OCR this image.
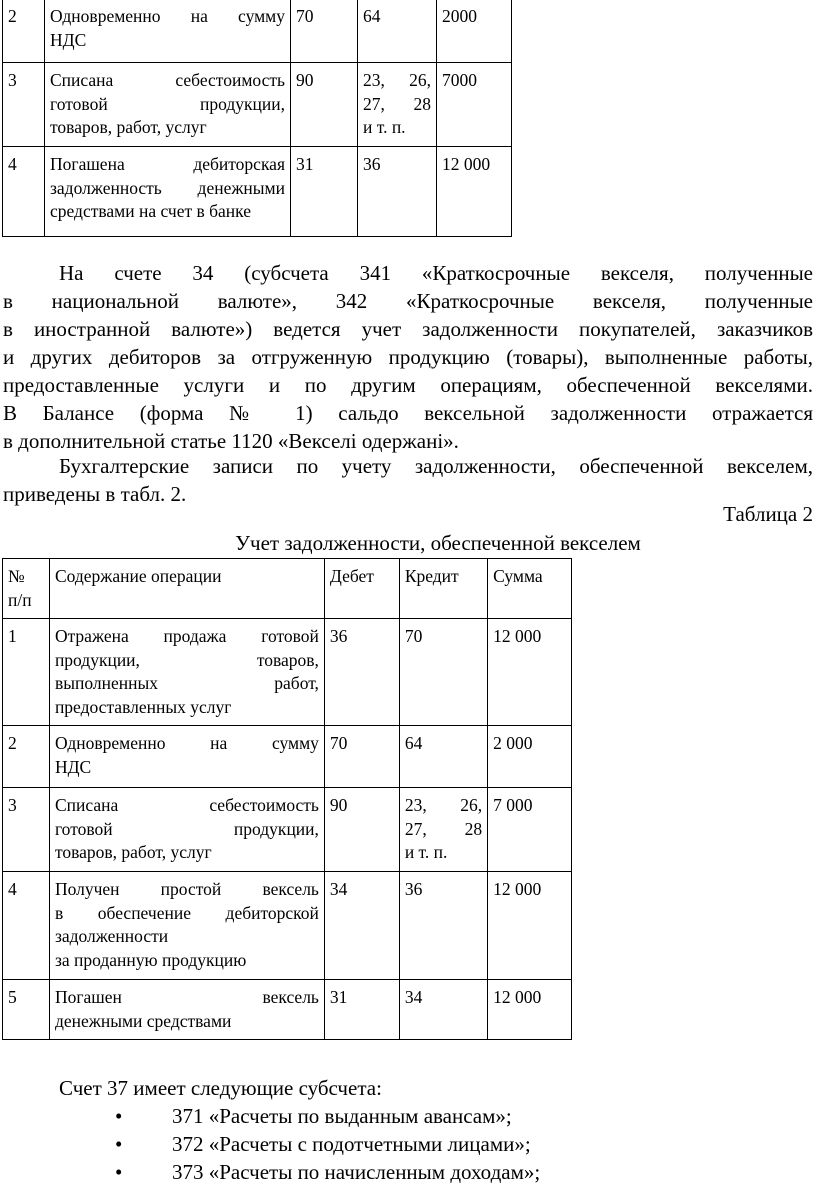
2	Одновременно на сумму
НДС	70	64	2000
3	Списана себестоимость
готовой продукции,
товаров, работ, услуг	90	23, 26,
27, 28
и т. п.	7000
4	Погашена дебиторская
задолженность денежными
средствами на счет в банке	31	36	12 000

На счете 34 (субсчета 341 «Краткосрочные векселя, полученные

в национальной валюте», 342 «Краткосрочные векселя, полученные

в иностранной валюте») ведется учет задолженности покупателей, заказчиков

и других дебиторов за отгруженную продукцию (товары), выполненные работы,

предоставленные услуги и по другим операциям, обеспеченной векселями.

В Балансе (форма № 1) сальдо вексельной задолженности отражается

в дополнительной статье 1120 «Векселі одержані».

Бухгалтерские записи по учету задолженности, обеспеченной векселем,

приведены в табл. 2.

Таблица 2
Учет задолженности, обеспеченной векселем
№
п/п	Содержание операции	Дебет	Кредит	Сумма
1	Отражена продажа готовой
продукции, товаров,
выполненных работ,
предоставленных услуг	36	70	12 000
2	Одновременно на сумму
НДС	70	64	2 000
3	Списана себестоимость
готовой продукции,
товаров, работ, услуг	90	23, 26,
27, 28
и т. п.	7 000
4	Получен простой вексель
в обеспечение дебиторской
задолженности
за проданную продукцию	34	36	12 000
5	Погашен вексель
денежными средствами	31	34	12 000

Счет 37 имеет следующие субсчета:

• 371 «Расчеты по выданным авансам»;
• 372 «Расчеты с подотчетными лицами»;
• 373 «Расчеты по начисленным доходам»;
